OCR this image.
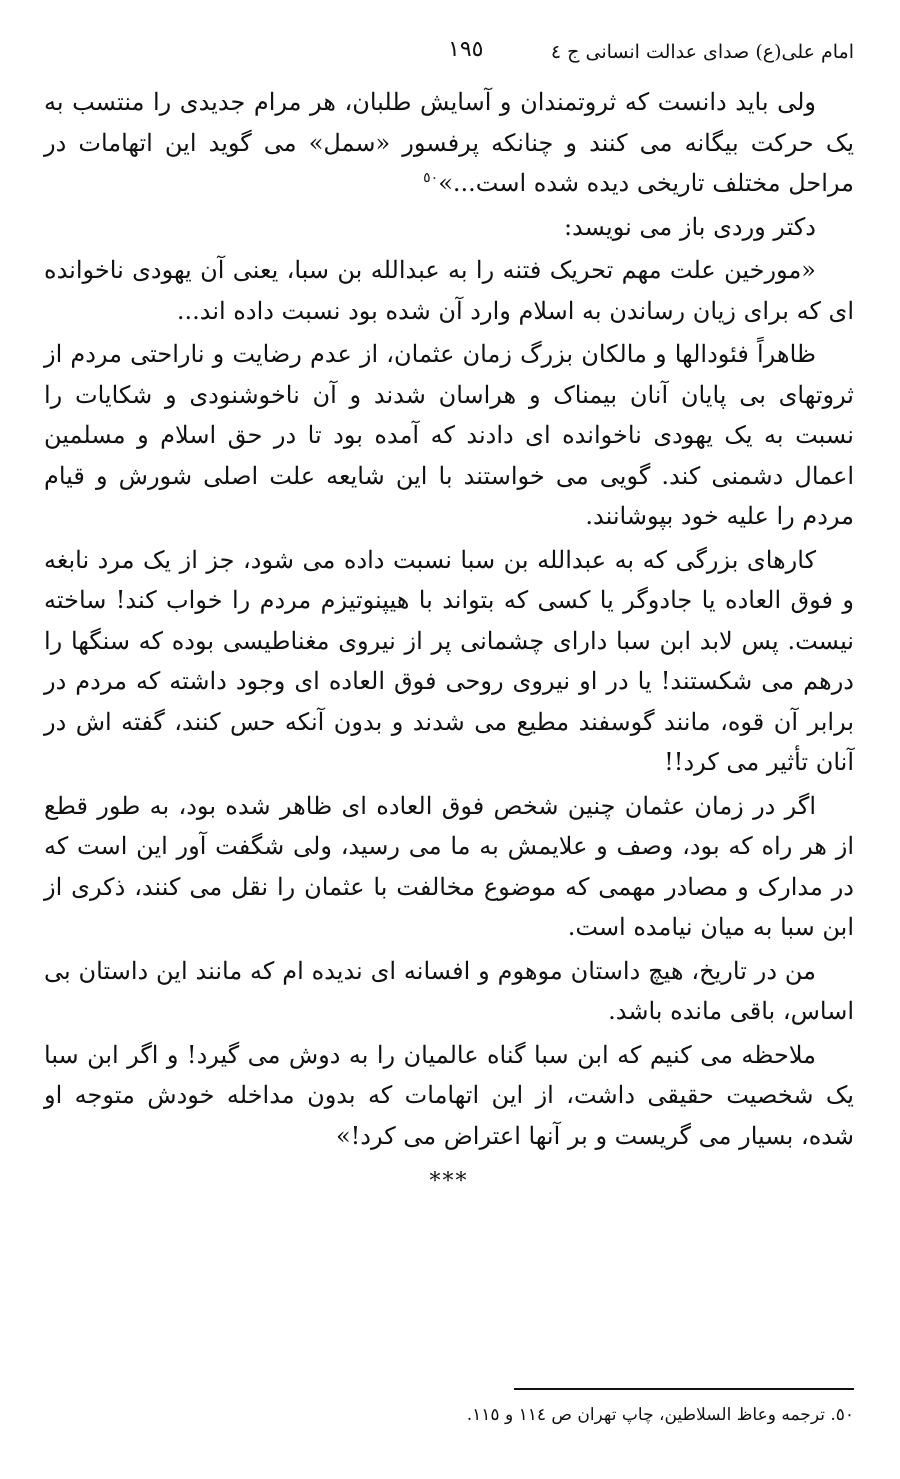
امام علی(ع) صدای عدالت انسانی ج ٤
١٩٥

ولی باید دانست که ثروتمندان و آسایش طلبان، هر مرام جدیدی را منتسب به یک حرکت بیگانه می کنند و چنانکه پرفسور «سمل» می گوید این اتهامات در مراحل مختلف تاریخی دیده شده است...»$^{٥٠}$

دکتر وردی باز می نویسد:

«مورخین علت مهم تحریک فتنه را به عبدالله بن سبا، یعنی آن یهودی ناخوانده ای که برای زیان رساندن به اسلام وارد آن شده بود نسبت داده اند...

ظاهراً فئودالها و مالکان بزرگ زمان عثمان، از عدم رضایت و ناراحتی مردم از ثروتهای بی پایان آنان بیمناک و هراسان شدند و آن ناخوشنودی و شکایات را نسبت به یک یهودی ناخوانده ای دادند که آمده بود تا در حق اسلام و مسلمین اعمال دشمنی کند. گویی می خواستند با این شایعه علت اصلی شورش و قیام مردم را علیه خود بپوشانند.

کارهای بزرگی که به عبدالله بن سبا نسبت داده می شود، جز از یک مرد نابغه و فوق العاده یا جادوگر یا کسی که بتواند با هیپنوتیزم مردم را خواب کند! ساخته نیست. پس لابد ابن سبا دارای چشمانی پر از نیروی مغناطیسی بوده که سنگها را درهم می شکستند! یا در او نیروی روحی فوق العاده ای وجود داشته که مردم در برابر آن قوه، مانند گوسفند مطیع می شدند و بدون آنکه حس کنند، گفته اش در آنان تأثیر می کرد!!

اگر در زمان عثمان چنین شخص فوق العاده ای ظاهر شده بود، به طور قطع از هر راه که بود، وصف و علایمش به ما می رسید، ولی شگفت آور این است که در مدارک و مصادر مهمی که موضوع مخالفت با عثمان را نقل می کنند، ذکری از ابن سبا به میان نیامده است.

من در تاریخ، هیچ داستان موهوم و افسانه ای ندیده ام که مانند این داستان بی اساس، باقی مانده باشد.

ملاحظه می کنیم که ابن سبا گناه عالمیان را به دوش می گیرد! و اگر ابن سبا یک شخصیت حقیقی داشت، از این اتهامات که بدون مداخله خودش متوجه او شده، بسیار می گریست و بر آنها اعتراض می کرد!»

***
٥٠. ترجمه وعاظ السلاطین، چاپ تهران ص ١١٤ و ١١٥.
